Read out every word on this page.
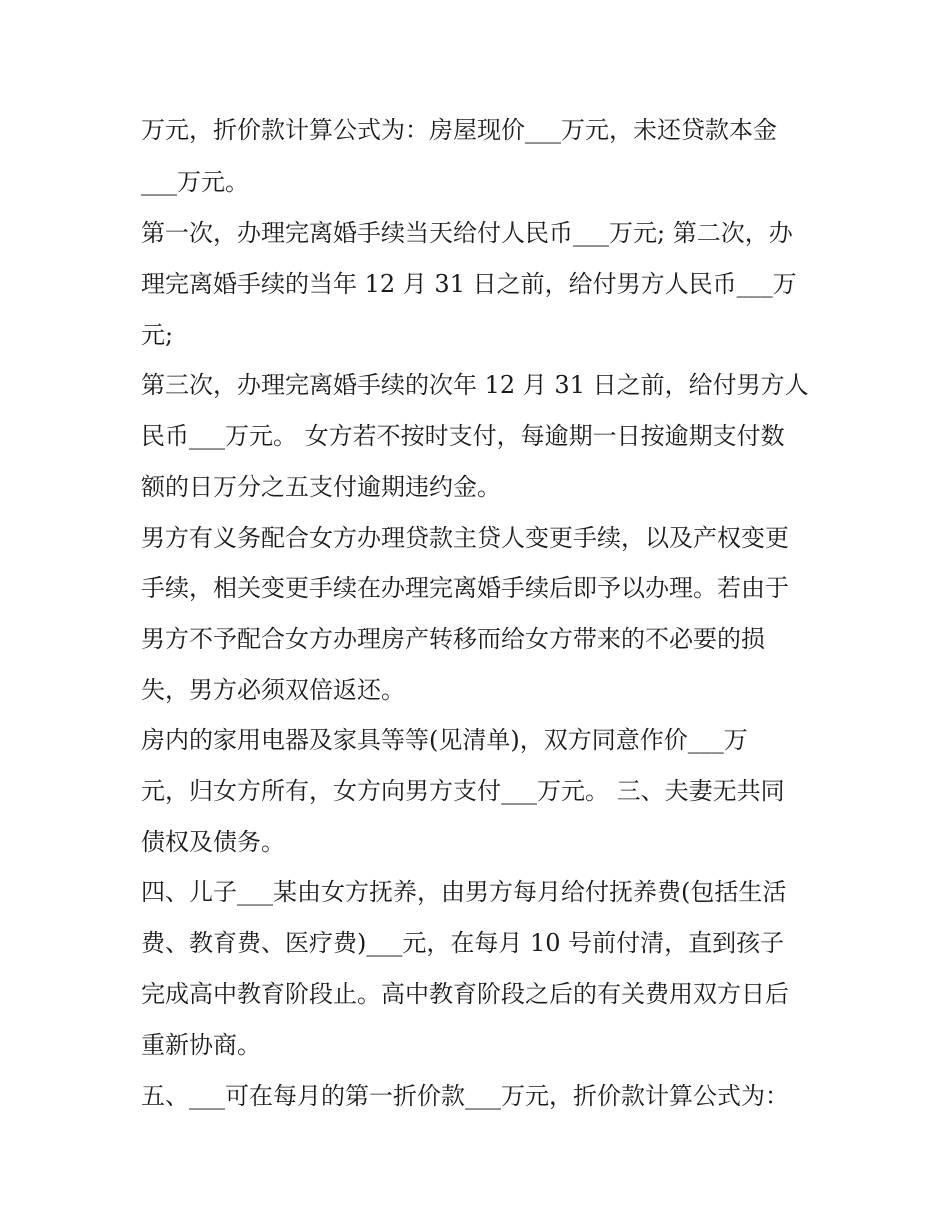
万元，折价款计算公式为：房屋现价___万元，未还贷款本金
___万元。
第一次，办理完离婚手续当天给付人民币___万元; 第二次，办
理完离婚手续的当年 12 月 31 日之前，给付男方人民币___万
元;
第三次，办理完离婚手续的次年 12 月 31 日之前，给付男方人
民币___万元。 女方若不按时支付，每逾期一日按逾期支付数
额的日万分之五支付逾期违约金。
男方有义务配合女方办理贷款主贷人变更手续，以及产权变更
手续，相关变更手续在办理完离婚手续后即予以办理。若由于
男方不予配合女方办理房产转移而给女方带来的不必要的损
失，男方必须双倍返还。
房内的家用电器及家具等等(见清单)，双方同意作价___万
元，归女方所有，女方向男方支付___万元。 三、夫妻无共同
债权及债务。
四、儿子___某由女方抚养，由男方每月给付抚养费(包括生活
费、教育费、医疗费)___元，在每月 10 号前付清，直到孩子
完成高中教育阶段止。高中教育阶段之后的有关费用双方日后
重新协商。
五、___可在每月的第一折价款___万元，折价款计算公式为：
